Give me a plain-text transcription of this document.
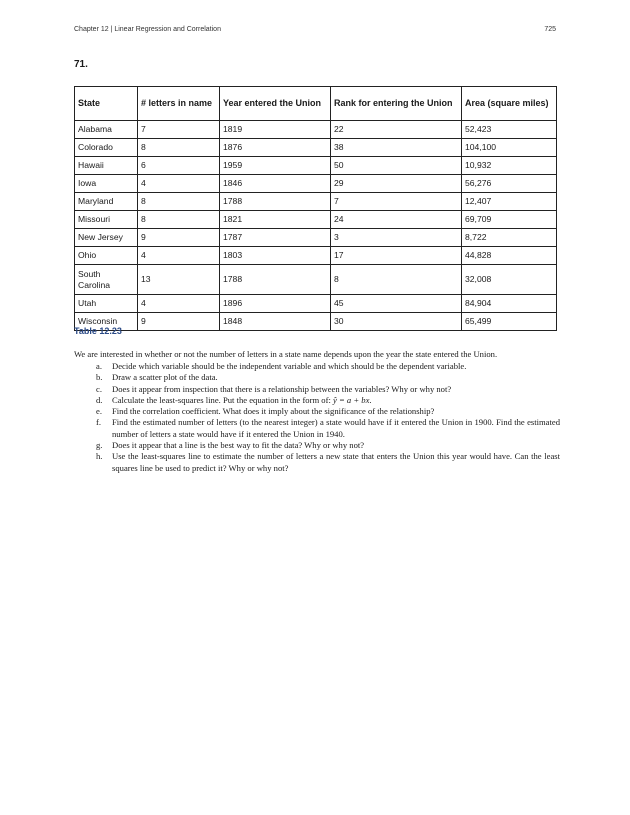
Chapter 12 | Linear Regression and Correlation	725
71.
State	# letters in name	Year entered the Union	Rank for entering the Union	Area (square miles)
Alabama	7	1819	22	52,423
Colorado	8	1876	38	104,100
Hawaii	6	1959	50	10,932
Iowa	4	1846	29	56,276
Maryland	8	1788	7	12,407
Missouri	8	1821	24	69,709
New Jersey	9	1787	3	8,722
Ohio	4	1803	17	44,828
South Carolina	13	1788	8	32,008
Utah	4	1896	45	84,904
Wisconsin	9	1848	30	65,499
Table 12.23

We are interested in whether or not the number of letters in a state name depends upon the year the state entered the Union.

a. Decide which variable should be the independent variable and which should be the dependent variable.
b. Draw a scatter plot of the data.
c. Does it appear from inspection that there is a relationship between the variables? Why or why not?
d. Calculate the least-squares line. Put the equation in the form of: ŷ = a + bx.
e. Find the correlation coefficient. What does it imply about the significance of the relationship?
f. Find the estimated number of letters (to the nearest integer) a state would have if it entered the Union in 1900. Find the estimated number of letters a state would have if it entered the Union in 1940.
g. Does it appear that a line is the best way to fit the data? Why or why not?
h. Use the least-squares line to estimate the number of letters a new state that enters the Union this year would have. Can the least squares line be used to predict it? Why or why not?
